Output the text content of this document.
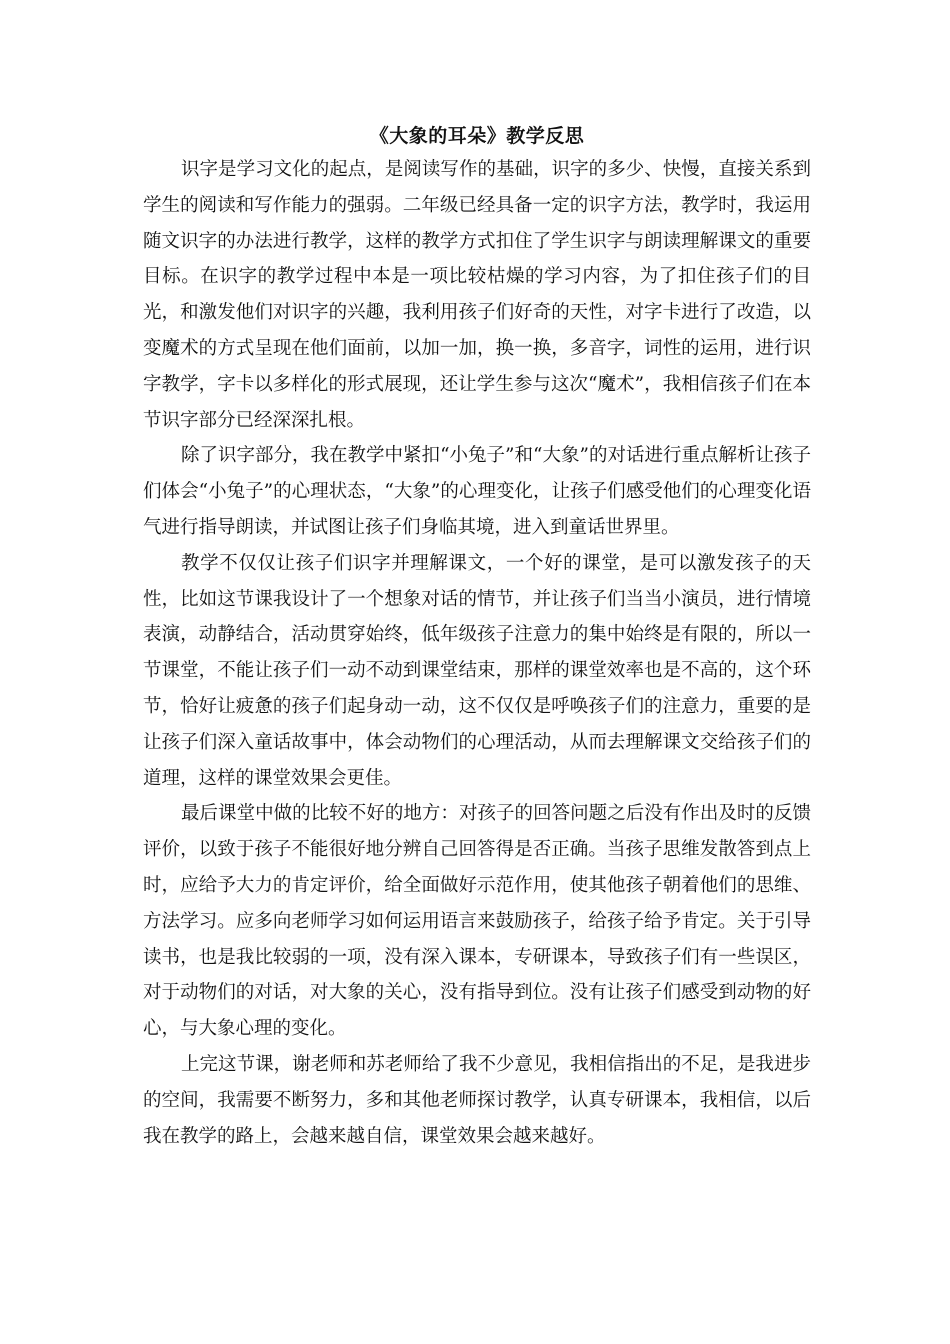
《大象的耳朵》教学反思

识字是学习文化的起点，是阅读写作的基础，识字的多少、快慢，直接关系到学生的阅读和写作能力的强弱。二年级已经具备一定的识字方法，教学时，我运用随文识字的办法进行教学，这样的教学方式扣住了学生识字与朗读理解课文的重要目标。在识字的教学过程中本是一项比较枯燥的学习内容，为了扣住孩子们的目光，和激发他们对识字的兴趣，我利用孩子们好奇的天性，对字卡进行了改造，以变魔术的方式呈现在他们面前，以加一加，换一换，多音字，词性的运用，进行识字教学，字卡以多样化的形式展现，还让学生参与这次“魔术”，我相信孩子们在本节识字部分已经深深扎根。

除了识字部分，我在教学中紧扣“小兔子”和“大象”的对话进行重点解析让孩子们体会“小兔子”的心理状态，“大象”的心理变化，让孩子们感受他们的心理变化语气进行指导朗读，并试图让孩子们身临其境，进入到童话世界里。

教学不仅仅让孩子们识字并理解课文，一个好的课堂，是可以激发孩子的天性，比如这节课我设计了一个想象对话的情节，并让孩子们当当小演员，进行情境表演，动静结合，活动贯穿始终，低年级孩子注意力的集中始终是有限的，所以一节课堂，不能让孩子们一动不动到课堂结束，那样的课堂效率也是不高的，这个环节，恰好让疲惫的孩子们起身动一动，这不仅仅是呼唤孩子们的注意力，重要的是让孩子们深入童话故事中，体会动物们的心理活动，从而去理解课文交给孩子们的道理，这样的课堂效果会更佳。

最后课堂中做的比较不好的地方：对孩子的回答问题之后没有作出及时的反馈评价，以致于孩子不能很好地分辨自己回答得是否正确。当孩子思维发散答到点上时，应给予大力的肯定评价，给全面做好示范作用，使其他孩子朝着他们的思维、方法学习。应多向老师学习如何运用语言来鼓励孩子，给孩子给予肯定。关于引导读书，也是我比较弱的一项，没有深入课本，专研课本，导致孩子们有一些误区，对于动物们的对话，对大象的关心，没有指导到位。没有让孩子们感受到动物的好心，与大象心理的变化。

上完这节课，谢老师和苏老师给了我不少意见，我相信指出的不足，是我进步的空间，我需要不断努力，多和其他老师探讨教学，认真专研课本，我相信，以后我在教学的路上，会越来越自信，课堂效果会越来越好。
